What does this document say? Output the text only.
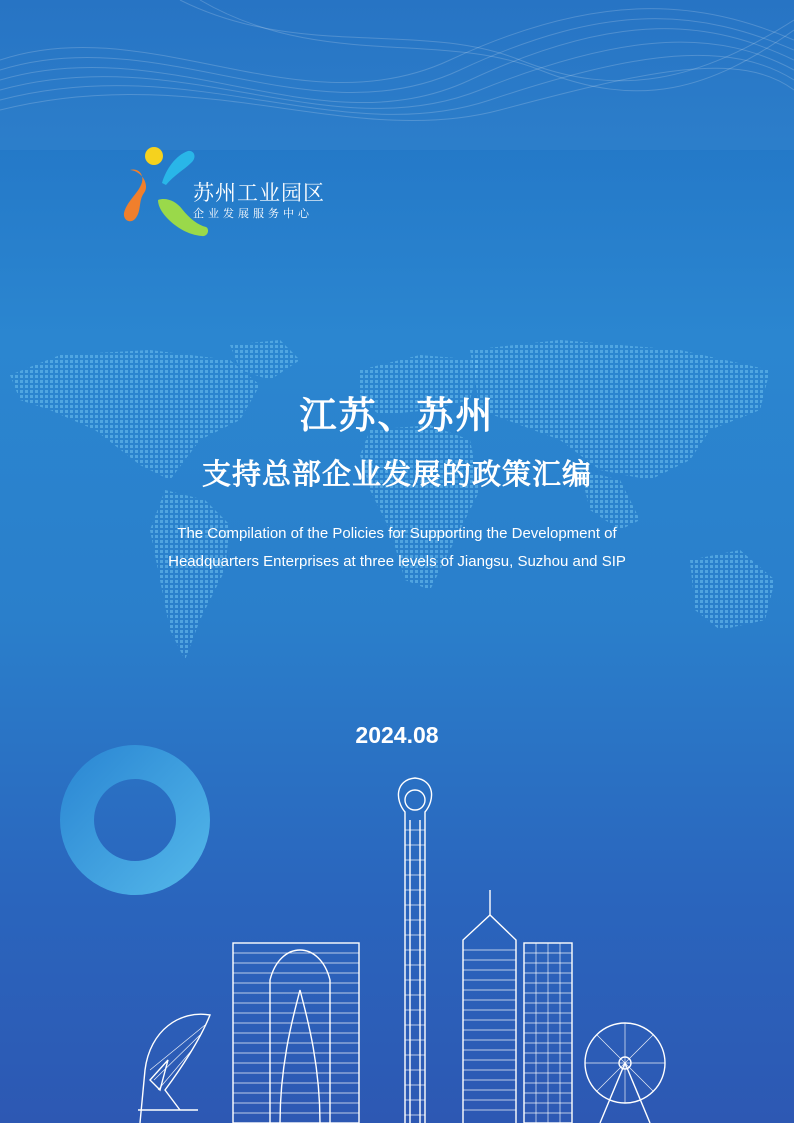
苏州工业园区
企业发展服务中心
江苏、苏州
支持总部企业发展的政策汇编
The Compilation of the Policies for Supporting the Development of
Headquarters Enterprises at three levels of Jiangsu, Suzhou and SIP
2024.08
